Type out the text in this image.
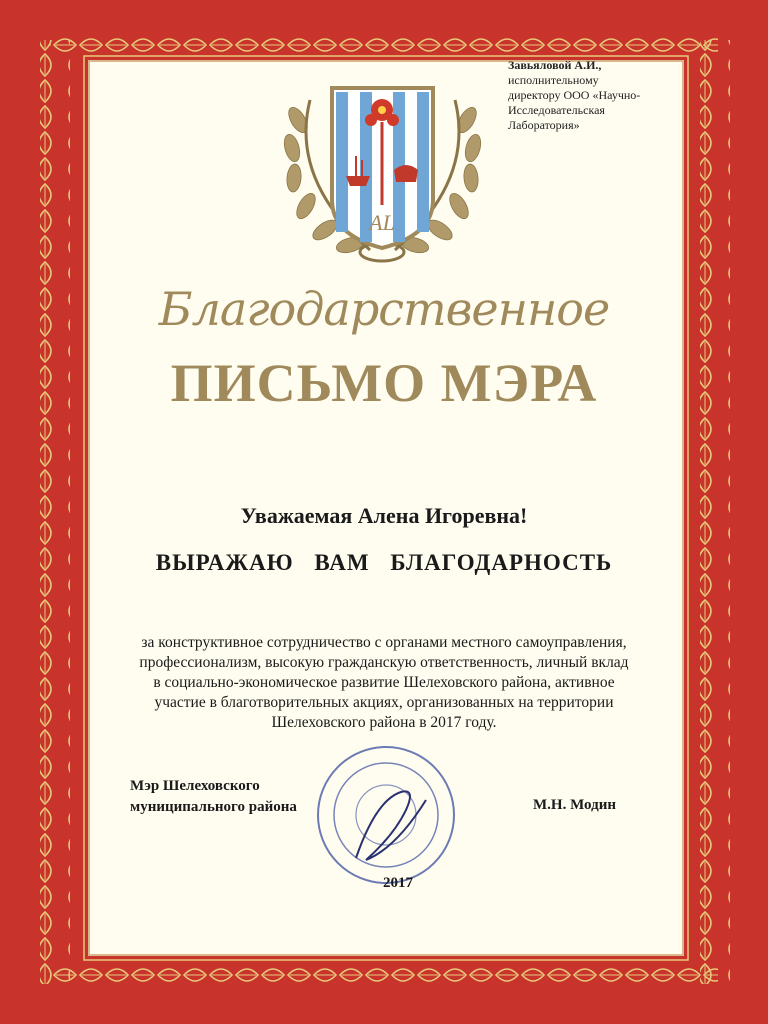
Завьяловой А.И.,
исполнительному
директору ООО «Научно-
Исследовательская
Лаборатория»
AL
Благодарственное
ПИСЬМО МЭРА
Уважаемая Алена Игоревна!
ВЫРАЖАЮ ВАМ БЛАГОДАРНОСТЬ
за конструктивное сотрудничество с органами местного самоуправления,
профессионализм, высокую гражданскую ответственность, личный вклад
в социально-экономическое развитие Шелеховского района, активное
участие в благотворительных акциях, организованных на территории
Шелеховского района в 2017 году.
Мэр Шелеховского
муниципального района	М.Н. Модин
2017
